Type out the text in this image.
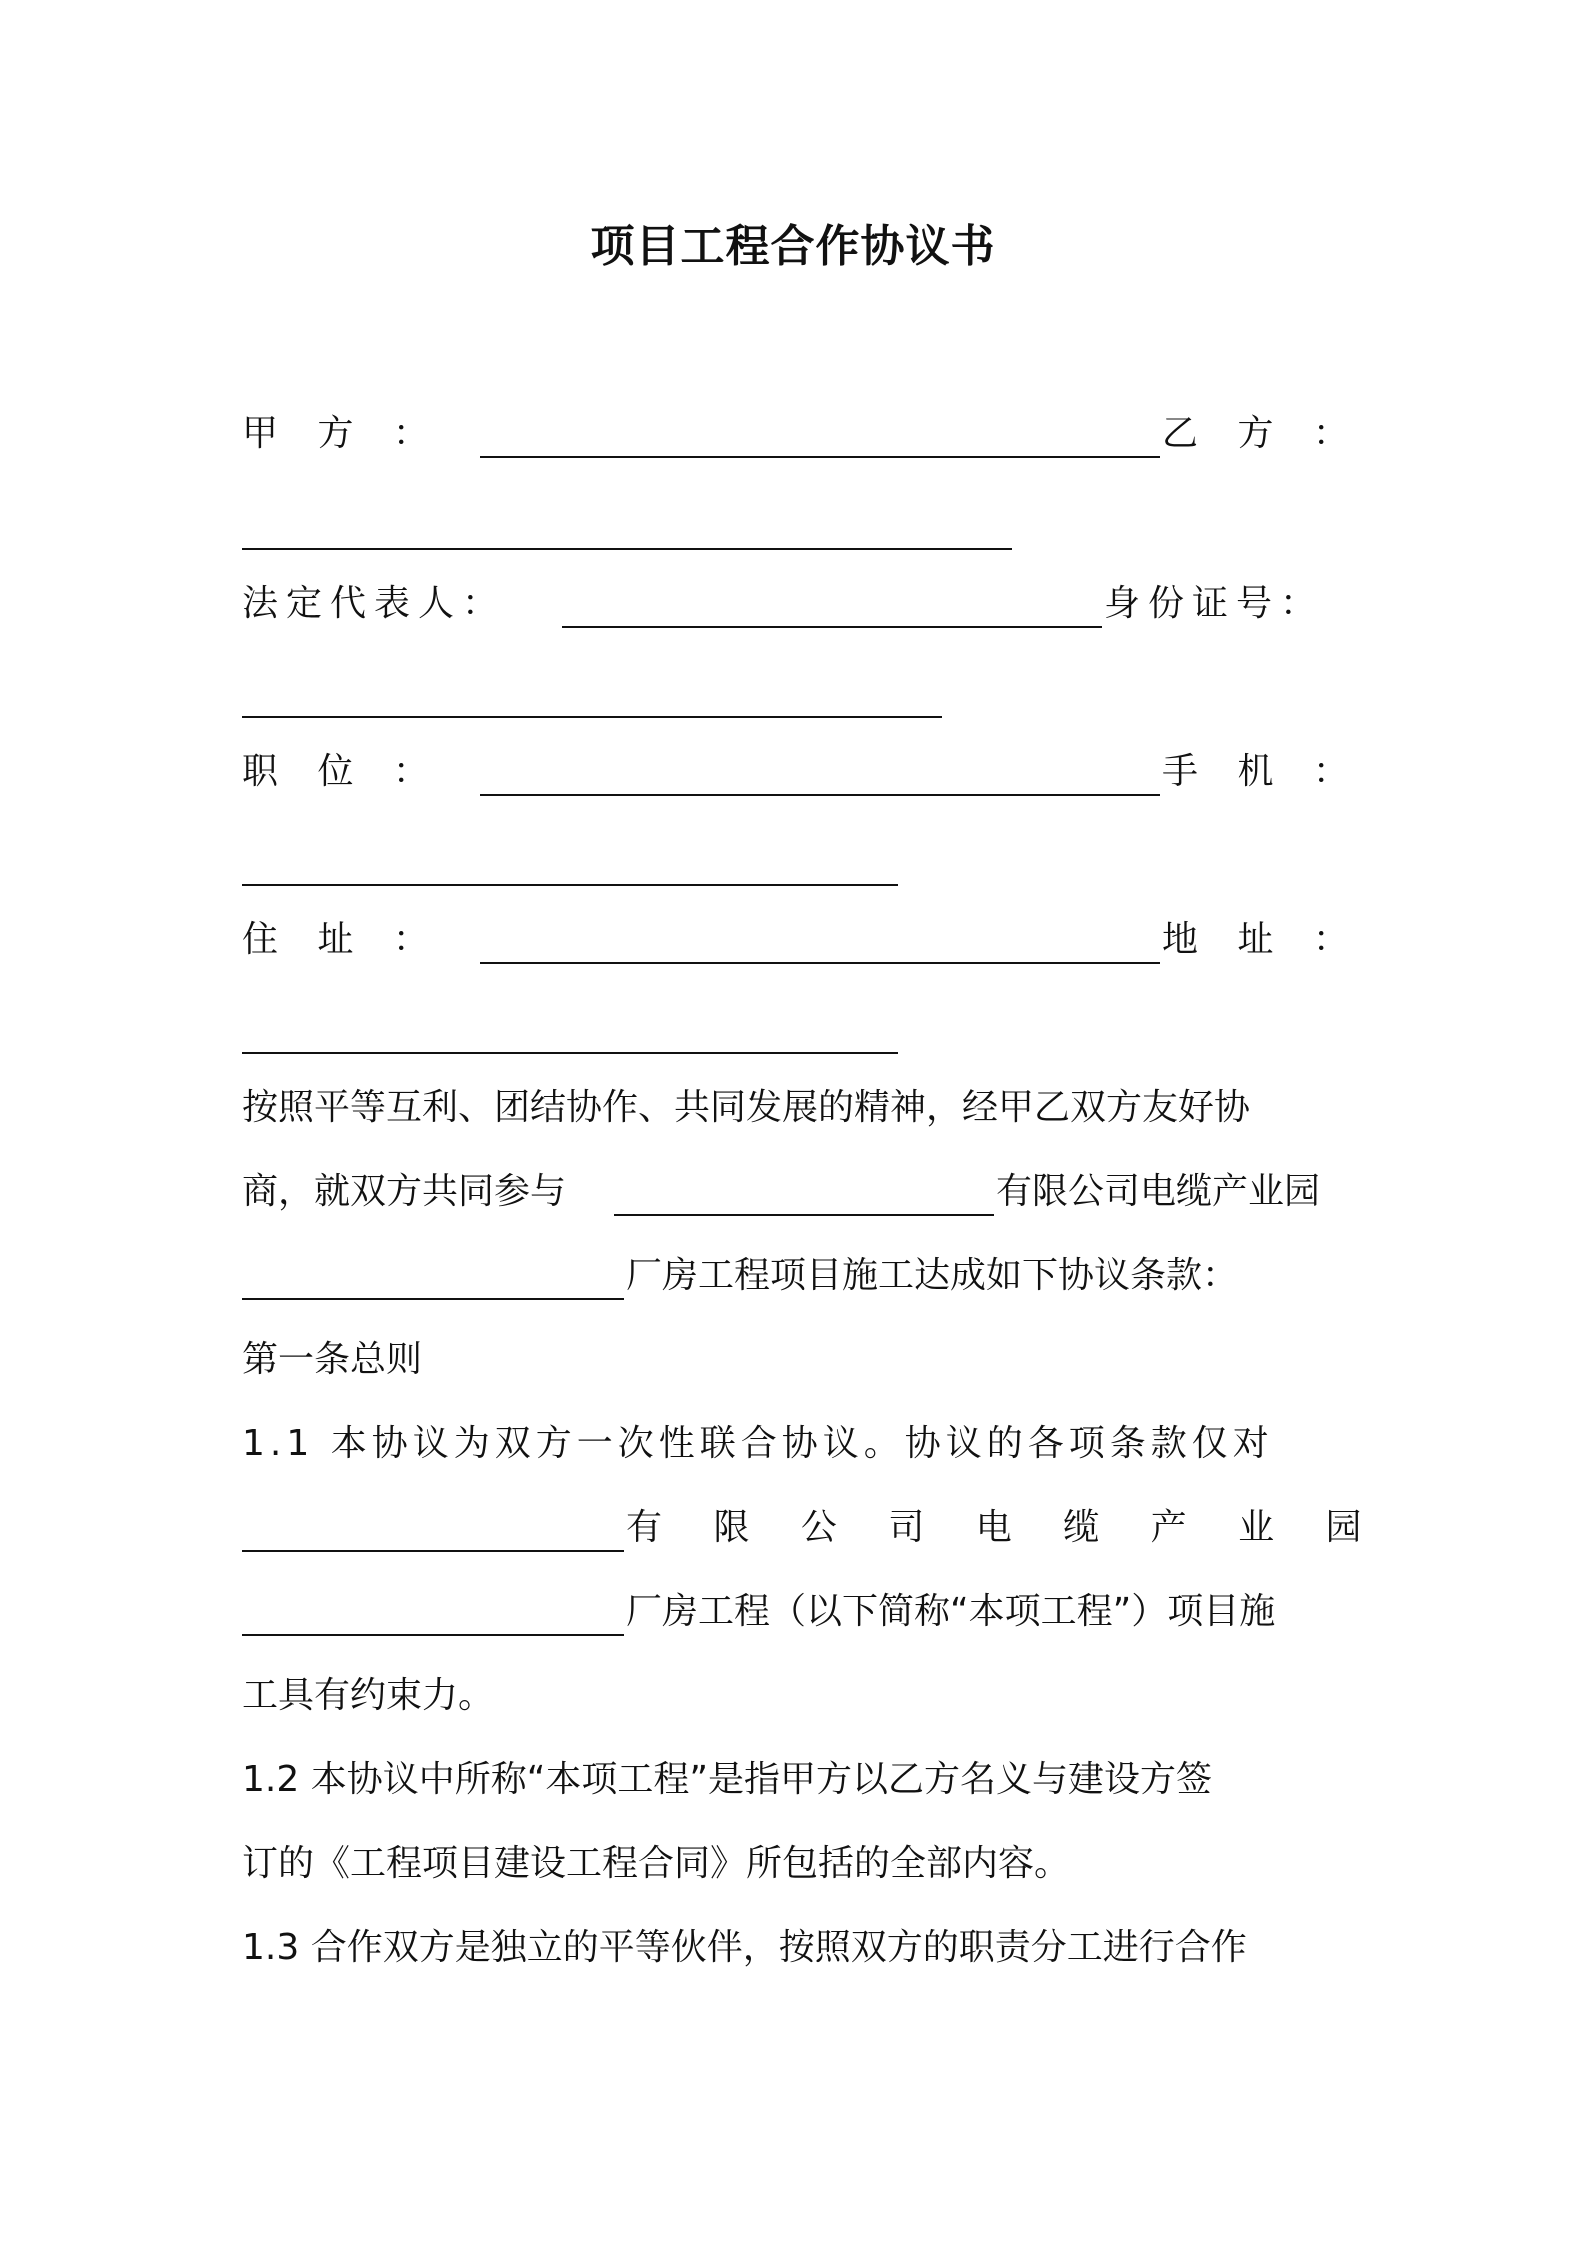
项目工程合作协议书
甲 方 ：	乙 方 ：
法定代表人：	身份证号：
职 位 ：	手 机 ：
住 址 ：	地 址 ：
按照平等互利、团结协作、共同发展的精神，经甲乙双方友好协
商，就双方共同参与	有限公司电缆产业园
厂房工程项目施工达成如下协议条款：
第一条总则
1.1 本协议为双方一次性联合协议。协议的各项条款仅对
有 限 公 司 电 缆 产 业 园
厂房工程（以下简称“本项工程”）项目施
工具有约束力。
1.2 本协议中所称“本项工程”是指甲方以乙方名义与建设方签
订的《工程项目建设工程合同》所包括的全部内容。
1.3 合作双方是独立的平等伙伴，按照双方的职责分工进行合作
